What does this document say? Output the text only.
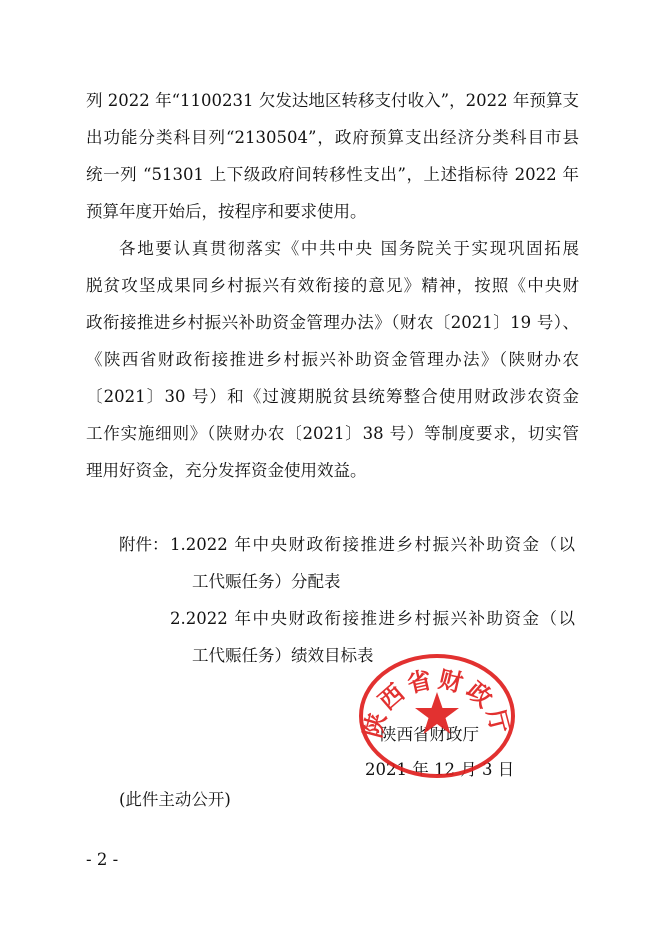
列 2022 年“1100231 欠发达地区转移支付收入”，2022 年预算支
出功能分类科目列“2130504”，政府预算支出经济分类科目市县
统一列 “51301 上下级政府间转移性支出”，上述指标待 2022 年
预算年度开始后，按程序和要求使用。
各地要认真贯彻落实《中共中央 国务院关于实现巩固拓展
脱贫攻坚成果同乡村振兴有效衔接的意见》精神，按照《中央财
政衔接推进乡村振兴补助资金管理办法》（财农〔2021〕19 号）、
《陕西省财政衔接推进乡村振兴补助资金管理办法》（陕财办农
〔2021〕30 号）和《过渡期脱贫县统筹整合使用财政涉农资金
工作实施细则》（陕财办农〔2021〕38 号）等制度要求，切实管
理用好资金，充分发挥资金使用效益。
附件： 1.2022 年中央财政衔接推进乡村振兴补助资金（以
工代赈任务）分配表
2.2022 年中央财政衔接推进乡村振兴补助资金（以
工代赈任务）绩效目标表
陕西省财政厅
2021 年 12 月 3 日
陕西省财政厅
(此件主动公开)
- 2 -
